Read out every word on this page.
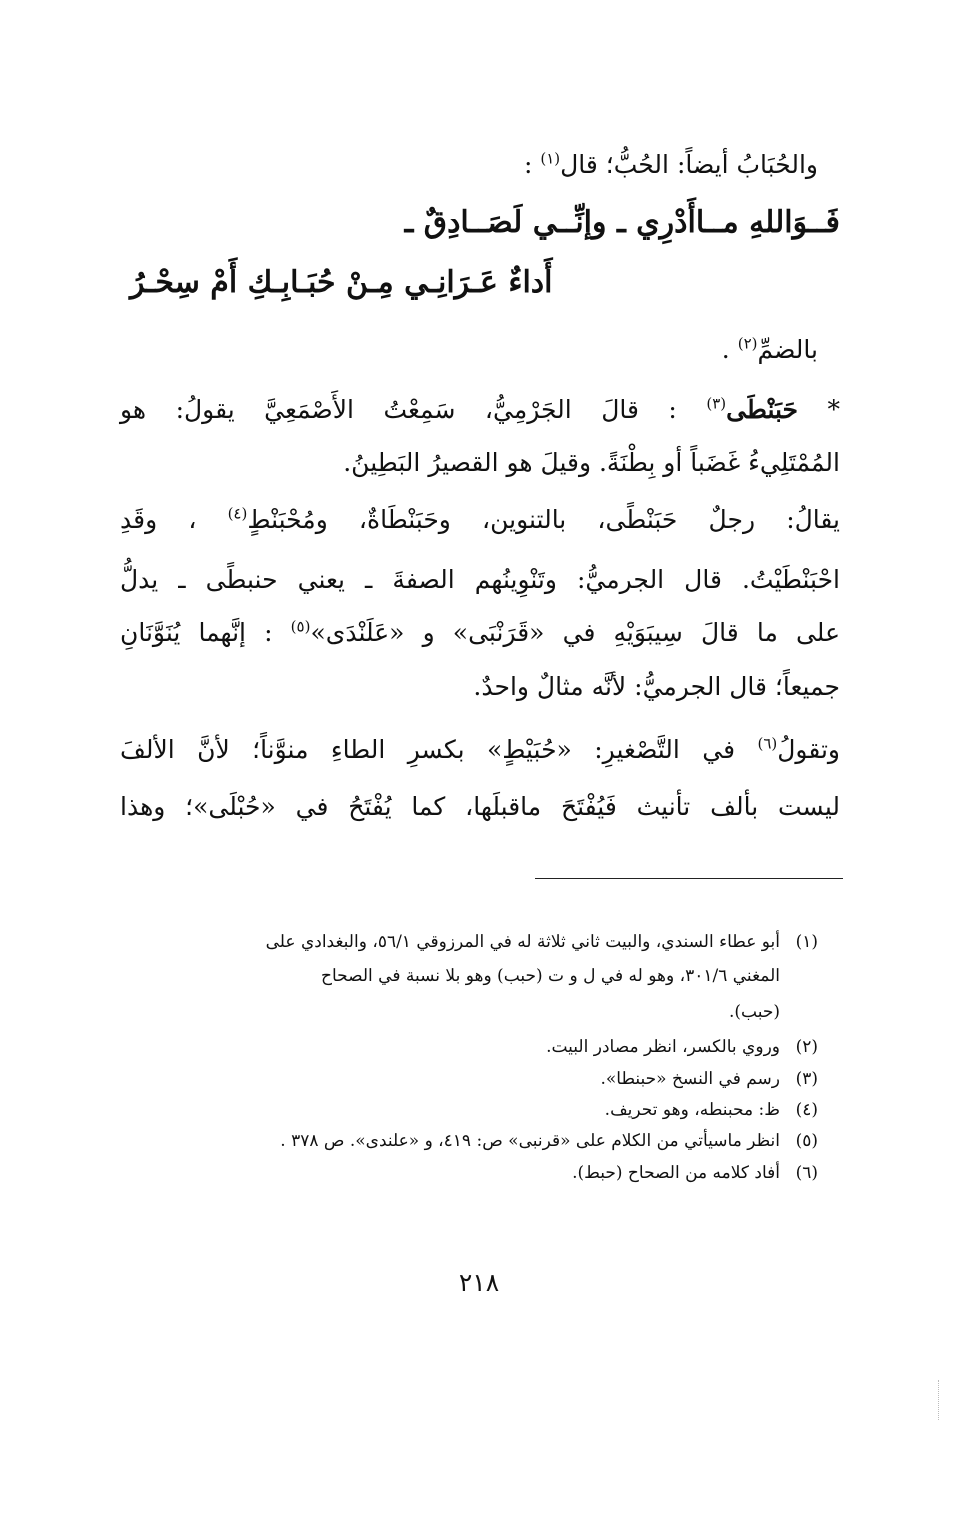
والحُبَابُ أيضاً: الحُبُّ؛ قال$^{(١)}$ :
فَــوَاللهِ مــاأَدْرِي ـ وإنِّــي لَصَــادِقٌ ـ
أَداءٌ عَـرَانِـي مِـنْ حُبَـابِـكِ أَمْ سِحْـرُ
بالضمِّ$^{(٢)}$ .
* حَبَنْطَى$^{(٣)}$ : قالَ الجَرْمِيُّ، سَمِعْتُ الأَصْمَعِيَّ يقولُ: هو
المُمْتَلِيءُ غَضَباً أو بِطْنَةً. وقيلَ هو القصيرُ البَطِينُ.
يقالُ: رجلٌ حَبَنْطًى، بالتنوين، وحَبَنْطَاةٌ، ومُحْبَنْطٍ$^{(٤)}$ ، وقَدِ
احْبَنْطَيْتُ. قال الجرميُّ: وتَنْوِينُهم الصفةَ ـ يعني حنبطًى ـ يدلُّ
على ما قالَ سِيبَوَيْهِ في «قَرَنْبَى» و «عَلَنْدَى»$^{(٥)}$ : إنَّهما يُنَوَّنَانِ
جميعاً؛ قال الجرميُّ: لأنَّه مثالٌ واحدٌ.
وتقولُ$^{(٦)}$ في التَّصْغيرِ: «حُبَيْطٍ» بكسرِ الطاءِ منوَّناً؛ لأنَّ الألفَ
ليست بألف تأنيث فَيُفْتَحَ ماقبلَها، كما يُفْتَحُ في «حُبْلَى»؛ وهذا
(١)أبو عطاء السندي، والبيت ثاني ثلاثة له في المرزوقي ٥٦/١، والبغدادي على
المغني ٣٠١/٦، وهو له في ل و ت (حبب) وهو بلا نسبة في الصحاح
(حبب).
(٢)وروي بالكسر، انظر مصادر البيت.
(٣)رسم في النسخ «حبنطا».
(٤)ظ: محبنطه، وهو تحريف.
(٥)انظر ماسيأتي من الكلام على «قرنبى» ص: ٤١٩، و «علندى». ص ٣٧٨ .
(٦)أفاد كلامه من الصحاح (حبط).
٢١٨
